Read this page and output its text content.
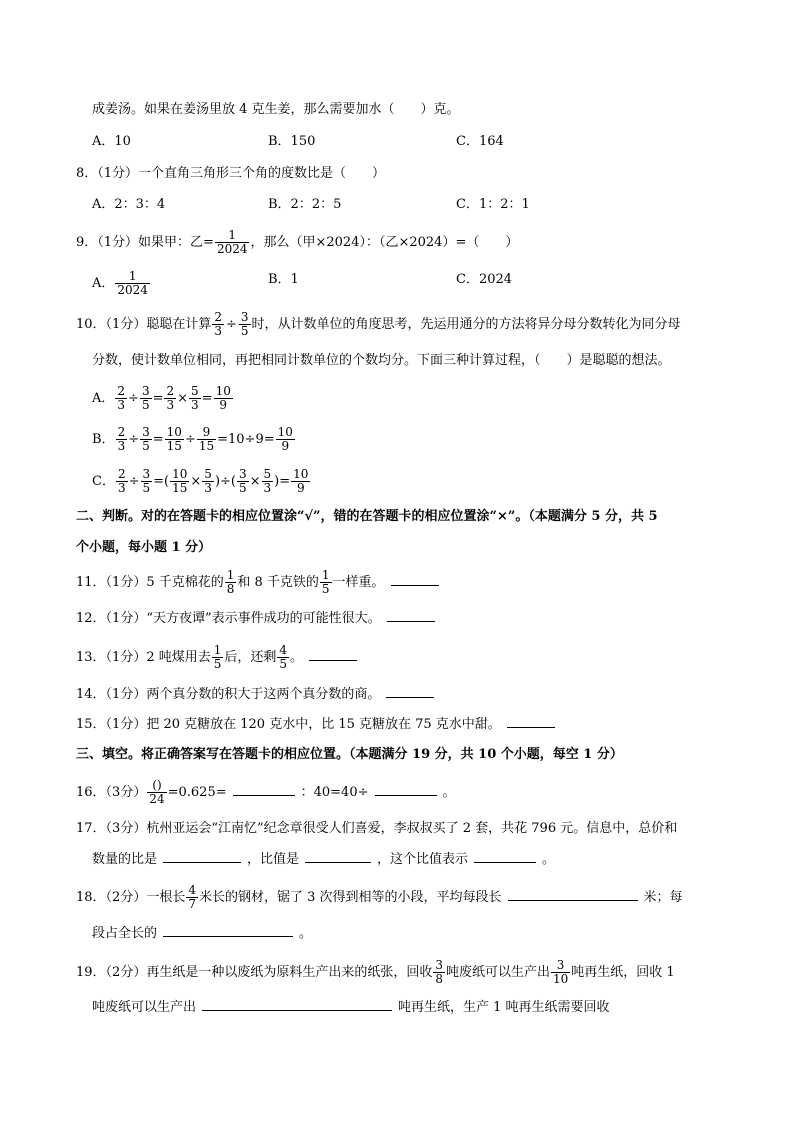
成姜汤。如果在姜汤里放 4 克生姜，那么需要加水（　　）克。
A．10	B．150	C．164
8．（1分）一个直角三角形三个角的度数比是（　　）
A．2：3：4	B．2：2：5	C．1：2：1
9．（1分）如果甲：乙= $\frac{1}{2024}$ ，那么（甲×2024）：（乙×2024）=（　　）
A． $\frac{1}{2024}$	B．1	C．2024
10．（1分）聪聪在计算 $\frac{2}{3} \div \frac{3}{5}$ 时，从计数单位的角度思考，先运用通分的方法将异分母分数转化为同分母
分数，使计数单位相同，再把相同计数单位的个数均分。下面三种计算过程，（　　）是聪聪的想法。
A． $\frac{2}{3} \div \frac{3}{5} = \frac{2}{3} \times \frac{5}{3} = \frac{10}{9}$
B． $\frac{2}{3} \div \frac{3}{5} = \frac{10}{15} \div \frac{9}{15} =10\div 9= \frac{10}{9}$
C． $\frac{2}{3} \div \frac{3}{5}$ =( $\frac{10}{15} \times \frac{5}{3}$ )÷( $\frac{3}{5} \times \frac{5}{3}$ )= $\frac{10}{9}$
二、判断。对的在答题卡的相应位置涂“√”，错的在答题卡的相应位置涂“×”。（本题满分 5 分，共 5
个小题，每小题 1 分）
11．（1分）5 千克棉花的 $\frac{1}{8}$ 和 8 千克铁的 $\frac{1}{5}$ 一样重。
12．（1分）“天方夜谭”表示事件成功的可能性很大。
13．（1分）2 吨煤用去 $\frac{1}{5}$ 后，还剩 $\frac{4}{5}$ 。
14．（1分）两个真分数的积大于这两个真分数的商。
15．（1分）把 20 克糖放在 120 克水中，比 15 克糖放在 75 克水中甜。
三、填空。将正确答案写在答题卡的相应位置。（本题满分 19 分，共 10 个小题，每空 1 分）
16．（3分） ()
24 =0.625=	：40=40÷	。
17．（3分）杭州亚运会“江南忆”纪念章很受人们喜爱，李叔叔买了 2 套，共花 796 元。信息中，总价和
数量的比是	，比值是	，这个比值表示	。
18．（2分）一根长 $\frac{4}{7}$ 米长的钢材，锯了 3 次得到相等的小段，平均每段长	米；每
段占全长的	。
19．（2分）再生纸是一种以废纸为原料生产出来的纸张，回收 $\frac{3}{8}$ 吨废纸可以生产出 $\frac{3}{10}$ 吨再生纸，回收 1
吨废纸可以生产出	吨再生纸，生产 1 吨再生纸需要回收
